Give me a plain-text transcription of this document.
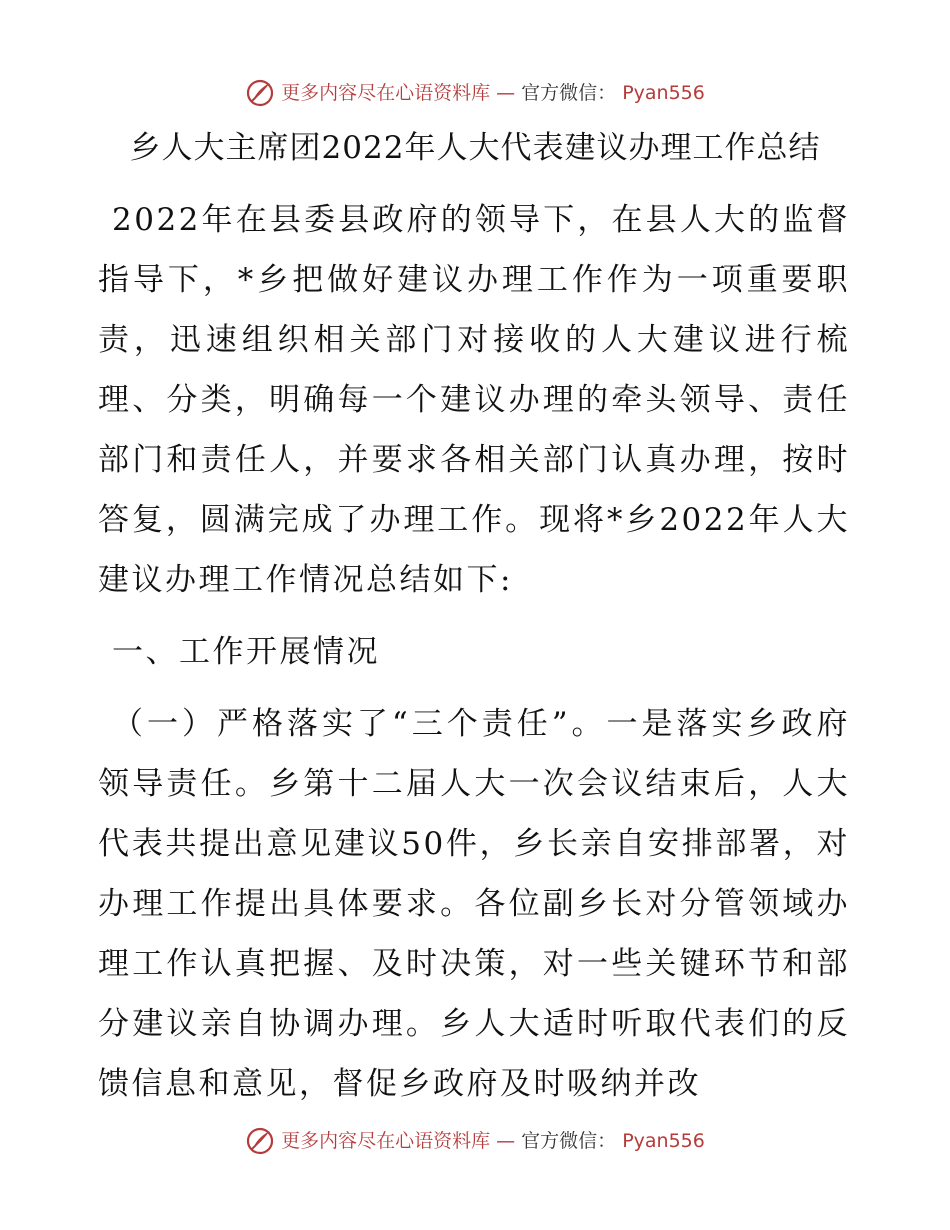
更多内容尽在心语资料库 — 官方微信： Pyan556
乡人大主席团2022年人大代表建议办理工作总结

2022年在县委县政府的领导下，在县人大的监督指导下，*乡把做好建议办理工作作为一项重要职责，迅速组织相关部门对接收的人大建议进行梳理、分类，明确每一个建议办理的牵头领导、责任部门和责任人，并要求各相关部门认真办理，按时答复，圆满完成了办理工作。现将*乡2022年人大建议办理工作情况总结如下:

一、工作开展情况

（一）严格落实了“三个责任”。一是落实乡政府领导责任。乡第十二届人大一次会议结束后，人大代表共提出意见建议50件，乡长亲自安排部署，对办理工作提出具体要求。各位副乡长对分管领域办理工作认真把握、及时决策，对一些关键环节和部分建议亲自协调办理。乡人大适时听取代表们的反馈信息和意见，督促乡政府及时吸纳并改

更多内容尽在心语资料库 — 官方微信： Pyan556
